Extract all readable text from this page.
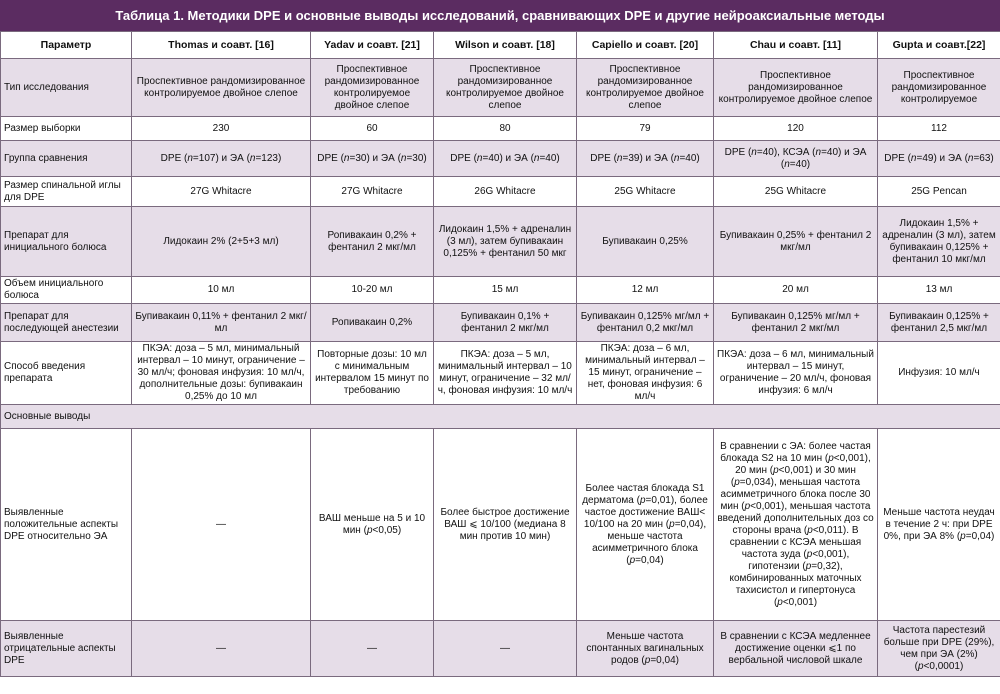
Таблица 1. Методики DPE и основные выводы исследований, сравнивающих DPE и другие нейроаксиальные методы
Параметр	Thomas и соавт. [16]	Yadav и соавт. [21]	Wilson и соавт. [18]	Capiello и соавт. [20]	Chau и соавт. [11]	Gupta и соавт.[22]
Тип исследования	Проспективное рандомизированное контролируемое двойное слепое	Проспективное рандомизированное контролируемое двойное слепое	Проспективное рандомизированное контролируемое двойное слепое	Проспективное рандомизированное контролируемое двойное слепое	Проспективное рандомизированное контролируемое двойное слепое	Проспективное рандомизированное контролируемое
Размер выборки	230	60	80	79	120	112
Группа сравнения	DPE (n=107) и ЭА (n=123)	DPE (n=30) и ЭА (n=30)	DPE (n=40) и ЭА (n=40)	DPE (n=39) и ЭА (n=40)	DPE (n=40), КСЭА (n=40) и ЭА (n=40)	DPE (n=49) и ЭА (n=63)
Размер спинальной иглы для DPE	27G Whitacre	27G Whitacre	26G Whitacre	25G Whitacre	25G Whitacre	25G Pencan
Препарат для инициального болюса	Лидокаин 2% (2+5+3 мл)	Ропивакаин 0,2% + фентанил 2 мкг/мл	Лидокаин 1,5% + адреналин (3 мл), затем бупивакаин 0,125% + фентанил 50 мкг	Бупивакаин 0,25%	Бупивакаин 0,25% + фентанил 2 мкг/мл	Лидокаин 1,5% + адреналин (3 мл), затем бупивакаин 0,125% + фентанил 10 мкг/мл
Объем инициального болюса	10 мл	10-20 мл	15 мл	12 мл	20 мл	13 мл
Препарат для последующей анестезии	Бупивакаин 0,11% + фентанил 2 мкг/мл	Ропивакаин 0,2%	Бупивакаин 0,1% + фентанил 2 мкг/мл	Бупивакаин 0,125% мг/мл + фентанил 0,2 мкг/мл	Бупивакаин 0,125% мг/мл + фентанил 2 мкг/мл	Бупивакаин 0,125% + фентанил 2,5 мкг/мл
Способ введения препарата	ПКЭА: доза – 5 мл, минимальный интервал – 10 минут, ограничение – 30 мл/ч; фоновая инфузия: 10 мл/ч, дополнительные дозы: бупивакаин 0,25% до 10 мл	Повторные дозы: 10 мл с минимальным интервалом 15 минут по требованию	ПКЭА: доза – 5 мл, минимальный интервал – 10 минут, ограничение – 32 мл/ч, фоновая инфузия: 10 мл/ч	ПКЭА: доза – 6 мл, минимальный интервал – 15 минут, ограничение – нет, фоновая инфузия: 6 мл/ч	ПКЭА: доза – 6 мл, минимальный интервал – 15 минут, ограничение – 20 мл/ч, фоновая инфузия: 6 мл/ч	Инфузия: 10 мл/ч
Основные выводы						
Выявленные положительные аспекты DPE относительно ЭА	—	ВАШ меньше на 5 и 10 мин (p<0,05)	Более быстрое достижение ВАШ ⩽ 10/100 (медиана 8 мин против 10 мин)	Более частая блокада S1 дерматома (p=0,01), более частое достижение ВАШ< 10/100 на 20 мин (p=0,04), меньше частота асимметричного блока (p=0,04)	В сравнении с ЭА: более частая блокада S2 на 10 мин (p<0,001), 20 мин (p<0,001) и 30 мин (p=0,034), меньшая частота асимметричного блока после 30 мин (p<0,001), меньшая частота введений дополнительных доз со стороны врача (p<0,011). В сравнении с КСЭА меньшая частота зуда (p<0,001), гипотензии (p=0,32), комбинированных маточных тахисистол и гипертонуса (p<0,001)	Меньше частота неудач в течение 2 ч: при DPE 0%, при ЭА 8% (p=0,04)
Выявленные отрицательные аспекты DPE	—	—	—	Меньше частота спонтанных вагинальных родов (p=0,04)	В сравнении с КСЭА медленнее достижение оценки ⩽1 по вербальной числовой шкале	Частота парестезий больше при DPE (29%), чем при ЭА (2%) (p<0,0001)
